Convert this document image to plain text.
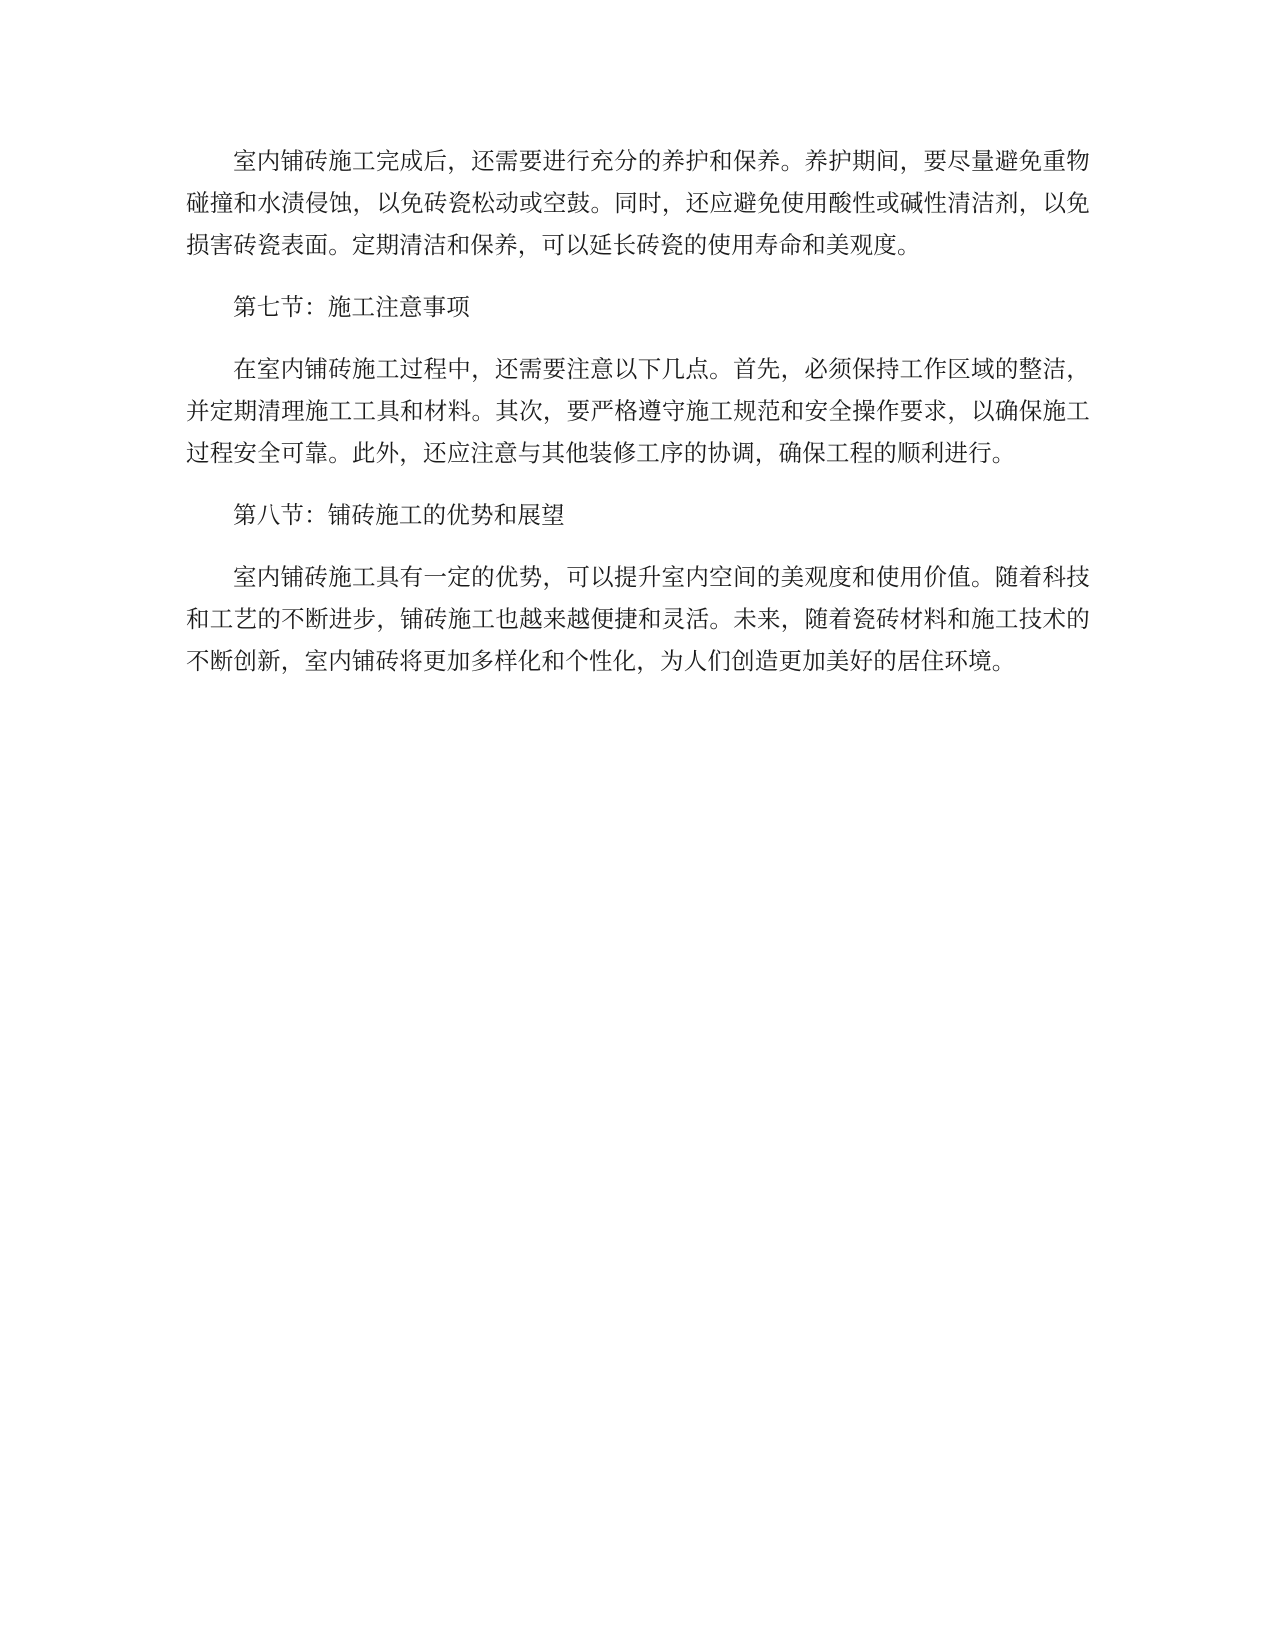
室内铺砖施工完成后，还需要进行充分的养护和保养。养护期间，要尽量避免重物碰撞和水渍侵蚀，以免砖瓷松动或空鼓。同时，还应避免使用酸性或碱性清洁剂，以免损害砖瓷表面。定期清洁和保养，可以延长砖瓷的使用寿命和美观度。

第七节：施工注意事项

在室内铺砖施工过程中，还需要注意以下几点。首先，必须保持工作区域的整洁，并定期清理施工工具和材料。其次，要严格遵守施工规范和安全操作要求，以确保施工过程安全可靠。此外，还应注意与其他装修工序的协调，确保工程的顺利进行。

第八节：铺砖施工的优势和展望

室内铺砖施工具有一定的优势，可以提升室内空间的美观度和使用价值。随着科技和工艺的不断进步，铺砖施工也越来越便捷和灵活。未来，随着瓷砖材料和施工技术的不断创新，室内铺砖将更加多样化和个性化，为人们创造更加美好的居住环境。
